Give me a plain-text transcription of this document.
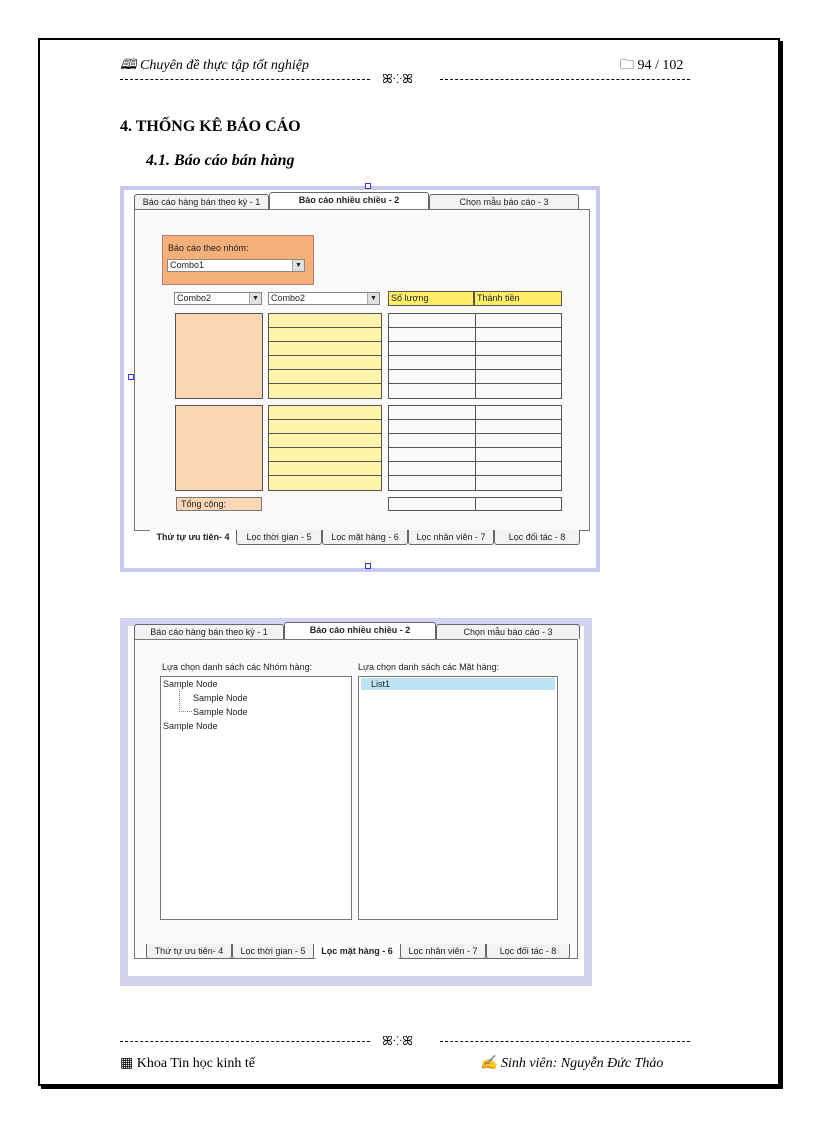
🕮 Chuyên đề thực tập tốt nghiệp	🗀 94 / 102
ꕤ⁘ꕤ
4. THỐNG KÊ BÁO CÁO
4.1. Báo cáo bán hàng
Báo cáo hàng bán theo kỳ - 1	Báo cáo nhiều chiều - 2	Chọn mẫu báo cáo - 3
Báo cáo theo nhóm:
Combo1	▼
Combo2	▼	Combo2	▼	Số lượng	Thành tiền
Tổng cộng:
Thứ tự ưu tiên- 4	Lọc thời gian - 5	Lọc mặt hàng - 6	Lọc nhân viên - 7	Lọc đối tác - 8
Báo cáo hàng bán theo kỳ - 1	Báo cáo nhiều chiều - 2	Chọn mẫu báo cáo - 3
Lựa chọn danh sách các Nhóm hàng:	Lựa chọn danh sách các Mặt hàng:
Sample Node
Sample Node
Sample Node
Sample Node
List1
Thứ tự ưu tiên- 4	Lọc thời gian - 5	Lọc mặt hàng - 6	Lọc nhân viên - 7	Lọc đối tác - 8
ꕤ⁘ꕤ
▦ Khoa Tin học kinh tế	✍ Sinh viên: Nguyễn Đức Thảo
